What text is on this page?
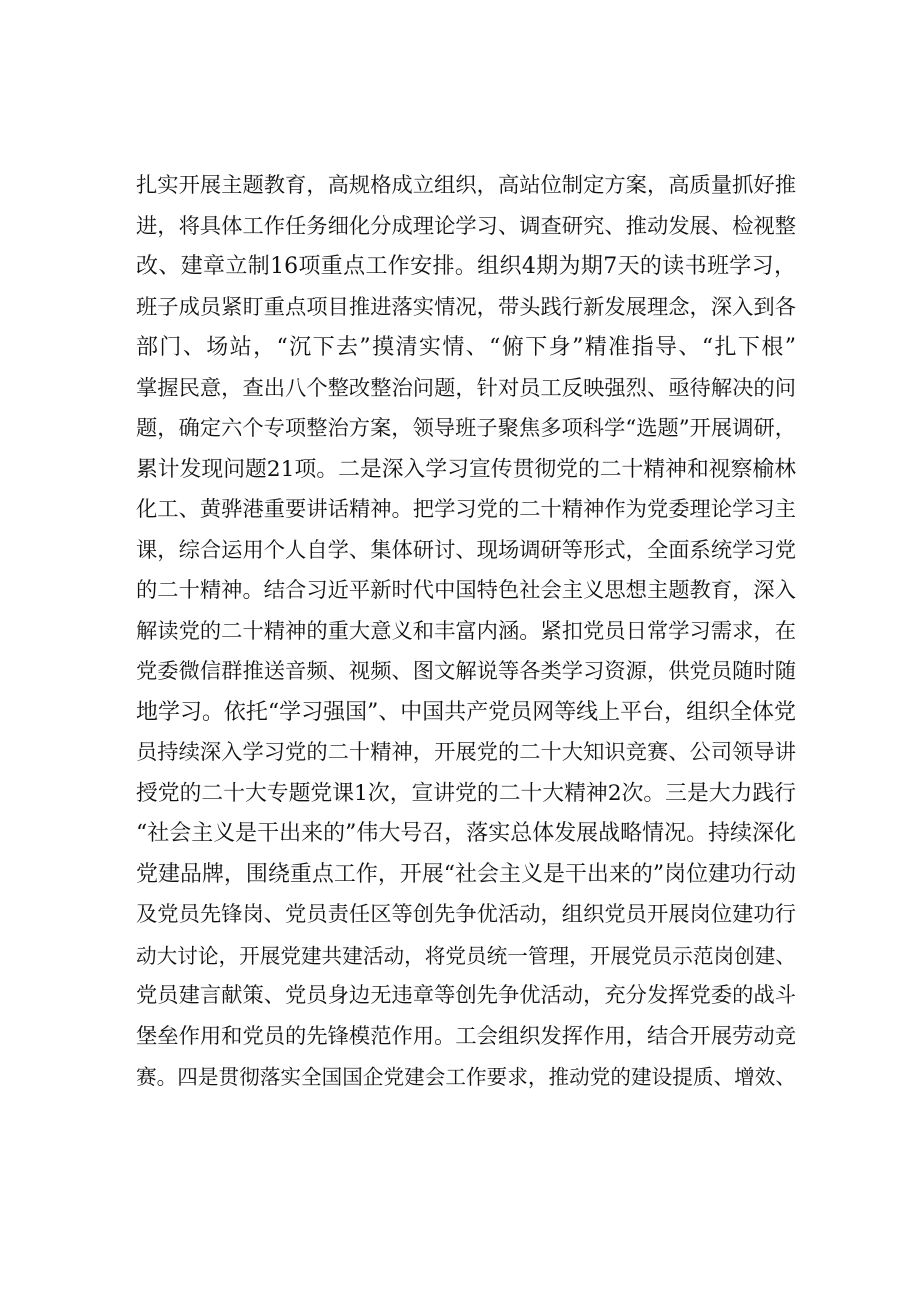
扎实开展主题教育，高规格成立组织，高站位制定方案，高质量抓好推
进，将具体工作任务细化分成理论学习、调查研究、推动发展、检视整
改、建章立制16项重点工作安排。组织4期为期7天的读书班学习，
班子成员紧盯重点项目推进落实情况，带头践行新发展理念，深入到各
部门、场站，“沉下去”摸清实情、“俯下身”精准指导、“扎下根”
掌握民意，查出八个整改整治问题，针对员工反映强烈、亟待解决的问
题，确定六个专项整治方案，领导班子聚焦多项科学“选题”开展调研，
累计发现问题21项。二是深入学习宣传贯彻党的二十精神和视察榆林
化工、黄骅港重要讲话精神。把学习党的二十精神作为党委理论学习主
课，综合运用个人自学、集体研讨、现场调研等形式，全面系统学习党
的二十精神。结合习近平新时代中国特色社会主义思想主题教育，深入
解读党的二十精神的重大意义和丰富内涵。紧扣党员日常学习需求，在
党委微信群推送音频、视频、图文解说等各类学习资源，供党员随时随
地学习。依托“学习强国”、中国共产党员网等线上平台，组织全体党
员持续深入学习党的二十精神，开展党的二十大知识竞赛、公司领导讲
授党的二十大专题党课1次，宣讲党的二十大精神2次。三是大力践行
“社会主义是干出来的”伟大号召，落实总体发展战略情况。持续深化
党建品牌，围绕重点工作，开展“社会主义是干出来的”岗位建功行动
及党员先锋岗、党员责任区等创先争优活动，组织党员开展岗位建功行
动大讨论，开展党建共建活动，将党员统一管理，开展党员示范岗创建、
党员建言献策、党员身边无违章等创先争优活动，充分发挥党委的战斗
堡垒作用和党员的先锋模范作用。工会组织发挥作用，结合开展劳动竞
赛。四是贯彻落实全国国企党建会工作要求，推动党的建设提质、增效、
